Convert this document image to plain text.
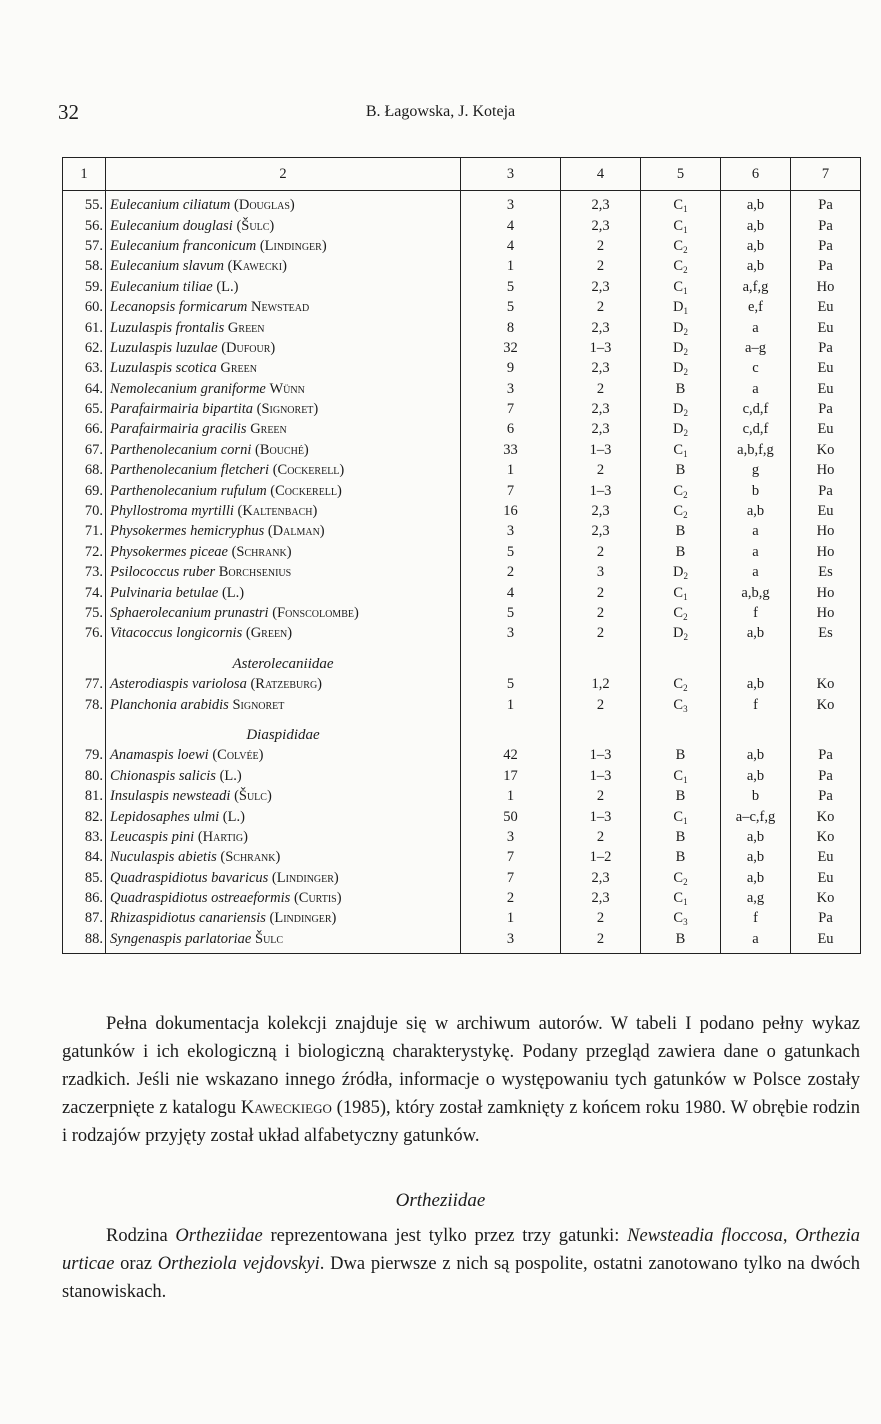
32	B. Łagowska, J. Koteja
1	2	3	4	5	6	7
55.	Eulecanium ciliatum (Douglas)	3	2,3	$C_1$	a,b	Pa
56.	Eulecanium douglasi (Šulc)	4	2,3	$C_1$	a,b	Pa
57.	Eulecanium franconicum (Lindinger)	4	2	$C_2$	a,b	Pa
58.	Eulecanium slavum (Kawecki)	1	2	$C_2$	a,b	Pa
59.	Eulecanium tiliae (L.)	5	2,3	$C_1$	a,f,g	Ho
60.	Lecanopsis formicarum Newstead	5	2	$D_1$	e,f	Eu
61.	Luzulaspis frontalis Green	8	2,3	$D_2$	a	Eu
62.	Luzulaspis luzulae (Dufour)	32	1–3	$D_2$	a–g	Pa
63.	Luzulaspis scotica Green	9	2,3	$D_2$	c	Eu
64.	Nemolecanium graniforme Wünn	3	2	B	a	Eu
65.	Parafairmairia bipartita (Signoret)	7	2,3	$D_2$	c,d,f	Pa
66.	Parafairmairia gracilis Green	6	2,3	$D_2$	c,d,f	Eu
67.	Parthenolecanium corni (Bouché)	33	1–3	$C_1$	a,b,f,g	Ko
68.	Parthenolecanium fletcheri (Cockerell)	1	2	B	g	Ho
69.	Parthenolecanium rufulum (Cockerell)	7	1–3	$C_2$	b	Pa
70.	Phyllostroma myrtilli (Kaltenbach)	16	2,3	$C_2$	a,b	Eu
71.	Physokermes hemicryphus (Dalman)	3	2,3	B	a	Ho
72.	Physokermes piceae (Schrank)	5	2	B	a	Ho
73.	Psilococcus ruber Borchsenius	2	3	$D_2$	a	Es
74.	Pulvinaria betulae (L.)	4	2	$C_1$	a,b,g	Ho
75.	Sphaerolecanium prunastri (Fonscolombe)	5	2	$C_2$	f	Ho
76.	Vitacoccus longicornis (Green)	3	2	$D_2$	a,b	Es
	Asterolecaniidae					
77.	Asterodiaspis variolosa (Ratzeburg)	5	1,2	$C_2$	a,b	Ko
78.	Planchonia arabidis Signoret	1	2	$C_3$	f	Ko
	Diaspididae					
79.	Anamaspis loewi (Colvée)	42	1–3	B	a,b	Pa
80.	Chionaspis salicis (L.)	17	1–3	$C_1$	a,b	Pa
81.	Insulaspis newsteadi (Šulc)	1	2	B	b	Pa
82.	Lepidosaphes ulmi (L.)	50	1–3	$C_1$	a–c,f,g	Ko
83.	Leucaspis pini (Hartig)	3	2	B	a,b	Ko
84.	Nuculaspis abietis (Schrank)	7	1–2	B	a,b	Eu
85.	Quadraspidiotus bavaricus (Lindinger)	7	2,3	$C_2$	a,b	Eu
86.	Quadraspidiotus ostreaeformis (Curtis)	2	2,3	$C_1$	a,g	Ko
87.	Rhizaspidiotus canariensis (Lindinger)	1	2	$C_3$	f	Pa
88.	Syngenaspis parlatoriae Šulc	3	2	B	a	Eu
Pełna dokumentacja kolekcji znajduje się w archiwum autorów. W tabeli I podano pełny wykaz gatunków i ich ekologiczną i biologiczną charakterystykę. Podany przegląd zawiera dane o gatunkach rzadkich. Jeśli nie wskazano innego źródła, informacje o występowaniu tych gatunków w Polsce zostały zaczerpnięte z katalogu Kaweckiego (1985), który został zamknięty z końcem roku 1980. W obrębie rodzin i rodzajów przyjęty został układ alfabetyczny gatunków.
Ortheziidae
Rodzina Ortheziidae reprezentowana jest tylko przez trzy gatunki: Newsteadia floccosa, Orthezia urticae oraz Ortheziola vejdovskyi. Dwa pierwsze z nich są pospolite, ostatni zanotowano tylko na dwóch stanowiskach.
